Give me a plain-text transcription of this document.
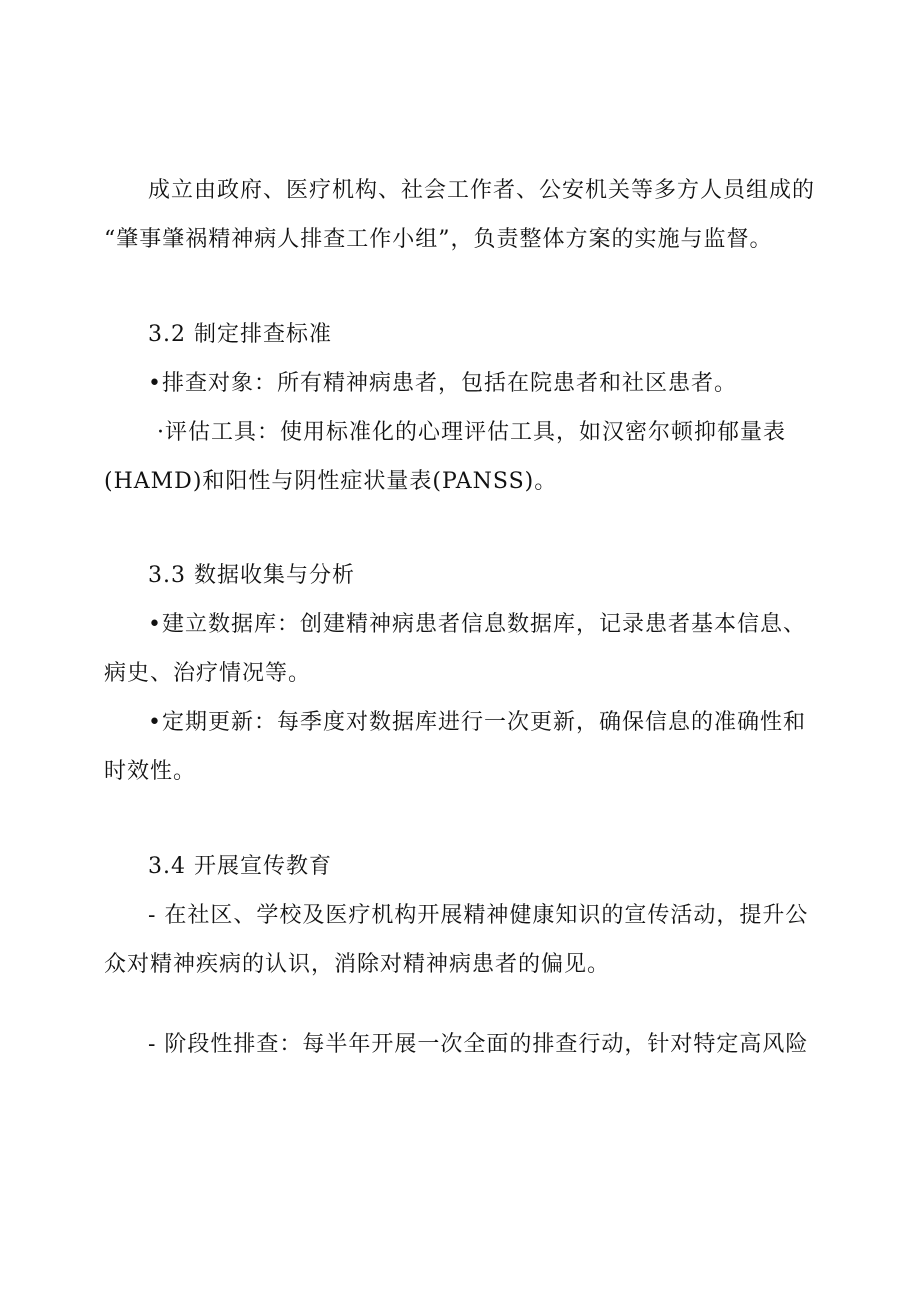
成立由政府、医疗机构、社会工作者、公安机关等多方人员组成的
“肇事肇祸精神病人排查工作小组”，负责整体方案的实施与监督。
3.2 制定排查标准
•排查对象：所有精神病患者，包括在院患者和社区患者。
·评估工具：使用标准化的心理评估工具，如汉密尔顿抑郁量表
(HAMD)和阳性与阴性症状量表(PANSS)。
3.3 数据收集与分析
•建立数据库：创建精神病患者信息数据库，记录患者基本信息、
病史、治疗情况等。
•定期更新：每季度对数据库进行一次更新，确保信息的准确性和
时效性。
3.4 开展宣传教育
- 在社区、学校及医疗机构开展精神健康知识的宣传活动，提升公
众对精神疾病的认识，消除对精神病患者的偏见。
- 阶段性排查：每半年开展一次全面的排查行动，针对特定高风险
